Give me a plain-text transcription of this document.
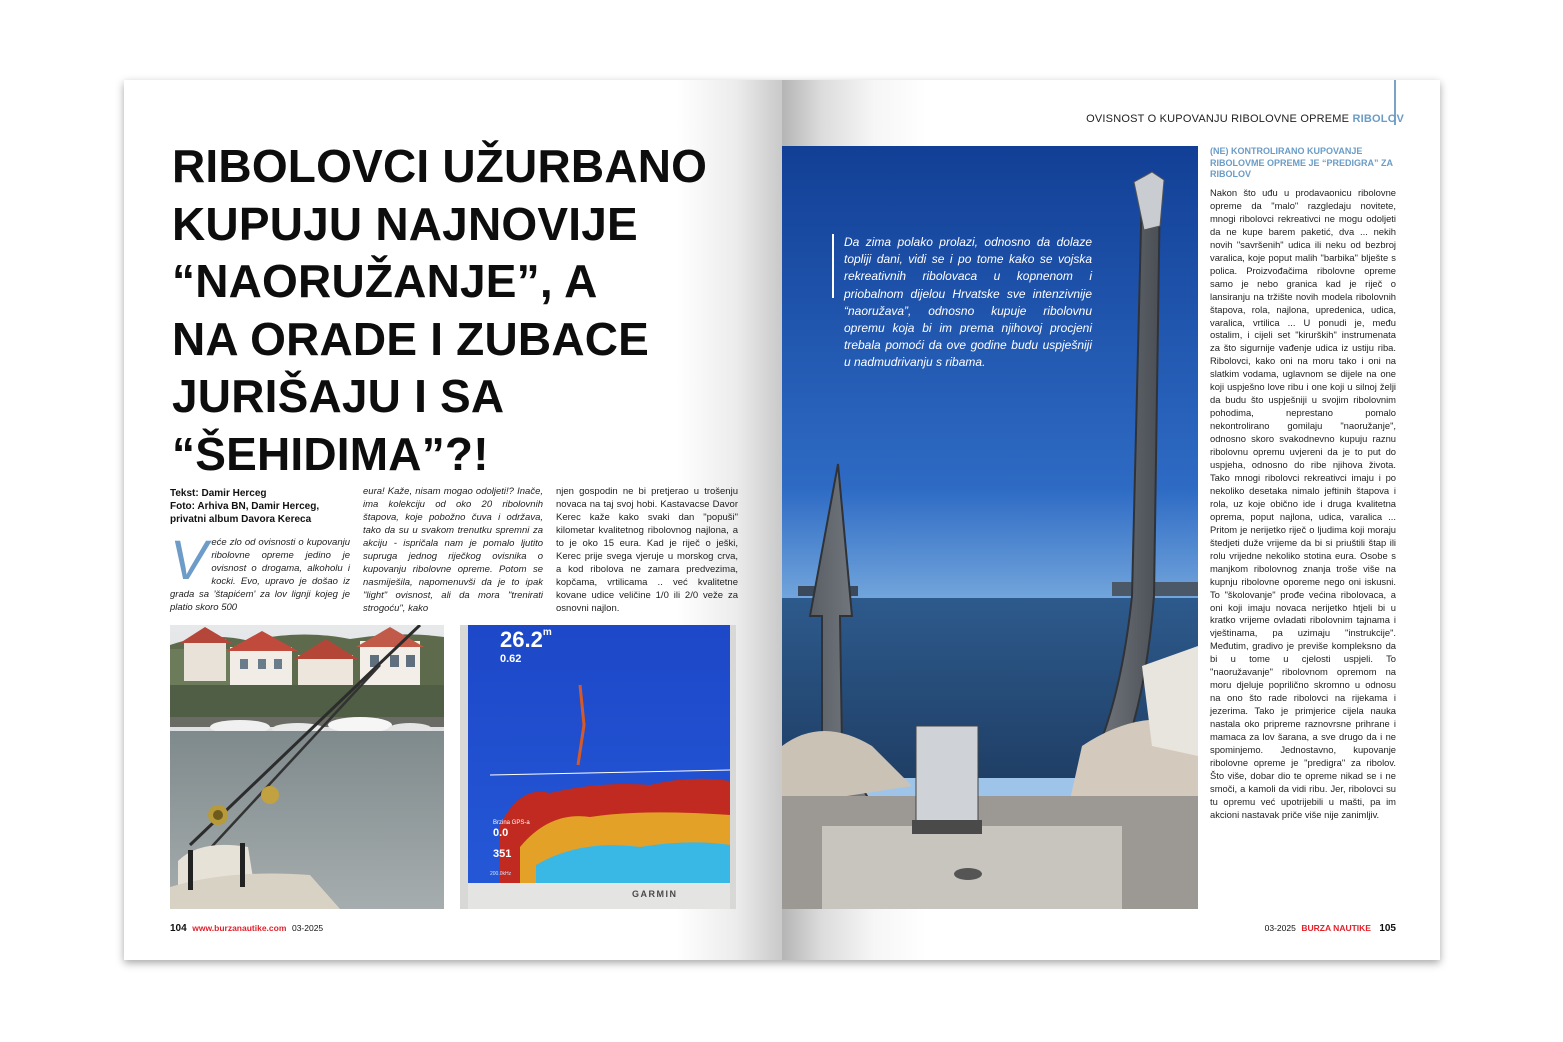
RIBOLOVCI UŽURBANO
KUPUJU NAJNOVIJE
“NAORUŽANJE”, A
NA ORADE I ZUBACE
JURIŠAJU I SA
“ŠEHIDIMA”?!
Tekst: Damir Herceg
Foto: Arhiva BN, Damir Herceg,
privatni album Davora Kereca
Veće zlo od ovisnosti o kupovanju ribolovne opreme jedino je ovisnost o drogama, alkoholu i kocki. Evo, upravo je došao iz grada sa 'štapićem' za lov lignji kojeg je platio skoro 500
eura! Kaže, nisam mogao odoljeti!? Inače, ima kolekciju od oko 20 ribolovnih štapova, koje pobožno čuva i održava, tako da su u svakom trenutku spremni za akciju - ispričala nam je pomalo ljutito supruga jednog riječkog ovisnika o kupovanju ribolovne opreme. Potom se nasmiješila, napomenuvši da je to ipak "light" ovisnost, ali da mora "trenirati strogoću", kako
njen gospodin ne bi pretjerao u trošenju novaca na taj svoj hobi. Kastavacse Davor Kerec kaže kako svaki dan "popuši" kilometar kvalitetnog ribolovnog najlona, a to je oko 15 eura. Kad je riječ o ješki, Kerec prije svega vjeruje u morskog crva, a kod ribolova ne zamara predvezima, kopčama, vrtilicama .. već kvalitetne kovane udice veličine 1/0 ili 2/0 veže za osnovni najlon.
26.2$^m$
0.62
Brzina GPS-a
0.0
351
200.0kHz
GARMIN
104 www.burzanautike.com 03-2025
OVISNOST O KUPOVANJU RIBOLOVNE OPREME RIBOLOV
Da zima polako prolazi, odnosno da dolaze topliji dani, vidi se i po tome kako se vojska rekreativnih ribolovaca u kopnenom i priobalnom dijelou Hrvatske sve intenzivnije “naoružava”, odnosno kupuje ribolovnu opremu koja bi im prema njihovoj procjeni trebala pomoći da ove godine budu uspješniji u nadmudrivanju s ribama.
(NE) KONTROLIRANO KUPOVANJE RIBOLOVME OPREME JE “PREDIGRA” ZA RIBOLOV
Nakon što uđu u prodavaonicu ribolovne opreme da "malo" razgledaju novitete, mnogi ribolovci rekreativci ne mogu odoljeti da ne kupe barem paketić, dva ... nekih novih "savršenih" udica ili neku od bezbroj varalica, koje poput malih "barbika" blješte s polica. Proizvođačima ribolovne opreme samo je nebo granica kad je riječ o lansiranju na tržište novih modela ribolovnih štapova, rola, najlona, upredenica, udica, varalica, vrtilica ... U ponudi je, među ostalim, i cijeli set "kirurških" instrumenata za što sigurnije vađenje udica iz ustiju riba. Ribolovci, kako oni na moru tako i oni na slatkim vodama, uglavnom se dijele na one koji uspješno love ribu i one koji u silnoj želji da budu što uspješniji u svojim ribolovnim pohodima, neprestano pomalo nekontrolirano gomilaju "naoružanje", odnosno skoro svakodnevno kupuju raznu ribolovnu opremu uvjereni da je to put do uspjeha, odnosno do ribe njihova života. Tako mnogi ribolovci rekreativci imaju i po nekoliko desetaka nimalo jeftinih štapova i rola, uz koje obično ide i druga kvalitetna oprema, poput najlona, udica, varalica ... Pritom je nerijetko riječ o ljudima koji moraju štedjeti duže vrijeme da bi si priuštili štap ili rolu vrijedne nekoliko stotina eura. Osobe s manjkom ribolovnog znanja troše više na kupnju ribolovne oporeme nego oni iskusni. To "školovanje" prođe većina ribolovaca, a oni koji imaju novaca nerijetko htjeli bi u kratko vrijeme ovladati ribolovnim tajnama i vještinama, pa uzimaju "instrukcije". Međutim, gradivo je previše kompleksno da bi u tome u cjelosti uspjeli. To "naoružavanje" ribolovnom opremom na moru djeluje poprilično skromno u odnosu na ono što rade ribolovci na rijekama i jezerima. Tako je primjerice cijela nauka nastala oko pripreme raznovrsne prihrane i mamaca za lov šarana, a sve drugo da i ne spominjemo. Jednostavno, kupovanje ribolovne opreme je "predigra" za ribolov. Što više, dobar dio te opreme nikad se i ne smoči, a kamoli da vidi ribu. Jer, ribolovci su tu opremu već upotrijebili u mašti, pa im akcioni nastavak priče više nije zanimljiv.
03-2025 BURZA NAUTIKE 105
